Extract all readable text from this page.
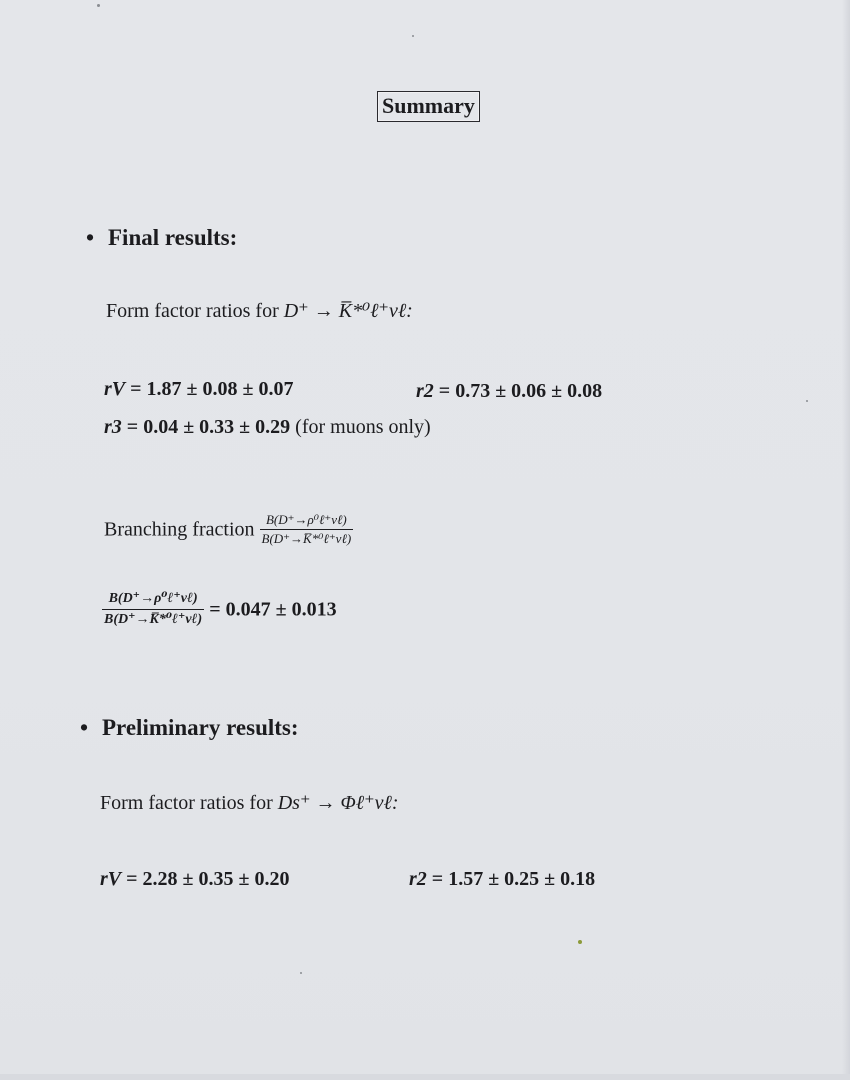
Summary
• Final results:
Form factor ratios for D⁺ → K̅*⁰ℓ⁺νℓ:
rV = 1.87 ± 0.08 ± 0.07	r2 = 0.73 ± 0.06 ± 0.08
r3 = 0.04 ± 0.33 ± 0.29 (for muons only)
Branching fraction $\frac{\text{B(D⁺→ρ⁰ℓ⁺νℓ)}}{\text{B(D⁺→K̅*⁰ℓ⁺νℓ)}}$
$\frac{\text{B(D⁺→ρ⁰ℓ⁺νℓ)}}{\text{B(D⁺→K̅*⁰ℓ⁺νℓ)}} = 0.047 \pm 0.013$
• Preliminary results:
Form factor ratios for Ds⁺ → Φℓ⁺νℓ:
rV = 2.28 ± 0.35 ± 0.20	r2 = 1.57 ± 0.25 ± 0.18
